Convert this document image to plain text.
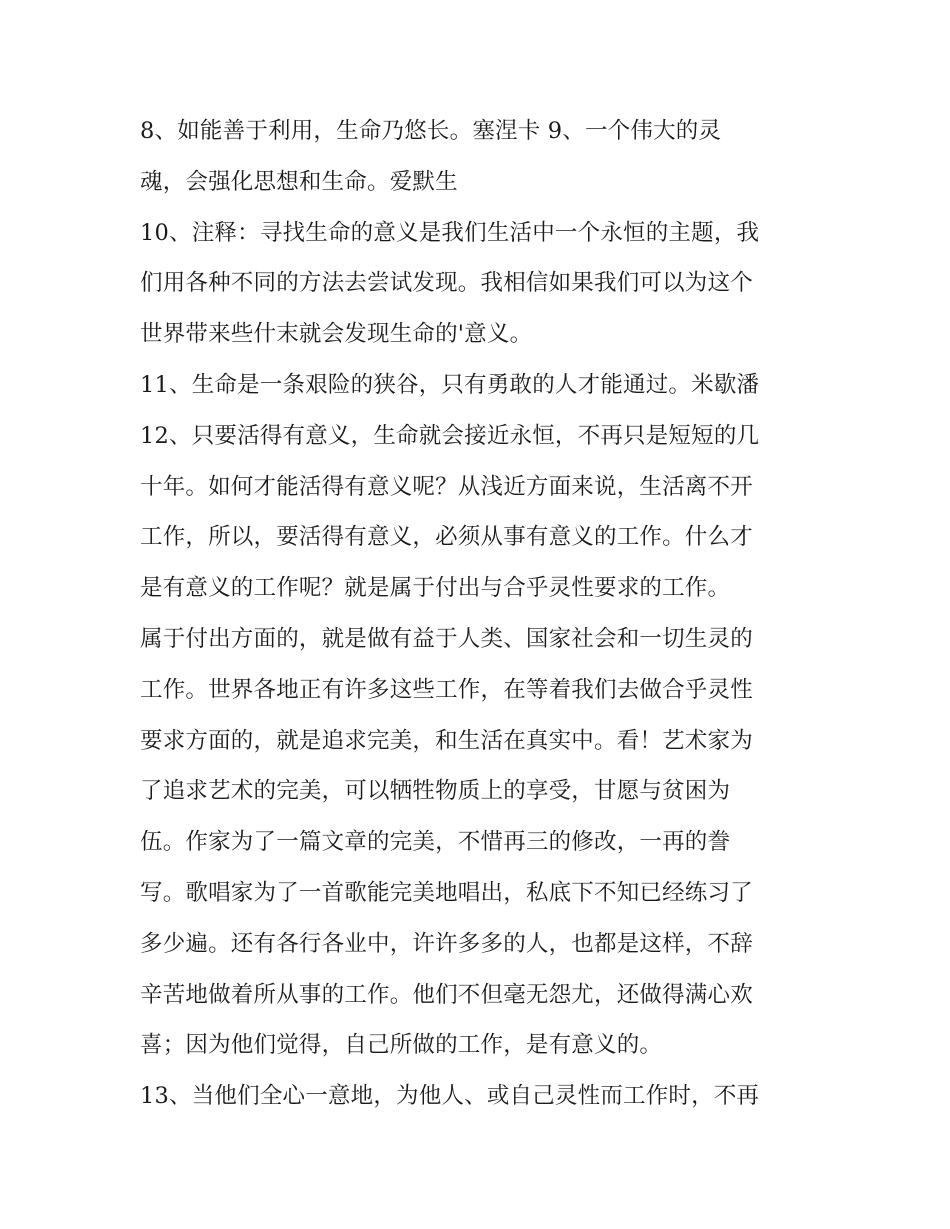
8、如能善于利用，生命乃悠长。塞涅卡 9、一个伟大的灵
魂，会强化思想和生命。爱默生
10、注释：寻找生命的意义是我们生活中一个永恒的主题，我
们用各种不同的方法去尝试发现。我相信如果我们可以为这个
世界带来些什末就会发现生命的'意义。
11、生命是一条艰险的狭谷，只有勇敢的人才能通过。米歇潘
12、只要活得有意义，生命就会接近永恒，不再只是短短的几
十年。如何才能活得有意义呢？从浅近方面来说，生活离不开
工作，所以，要活得有意义，必须从事有意义的工作。什么才
是有意义的工作呢？就是属于付出与合乎灵性要求的工作。
属于付出方面的，就是做有益于人类、国家社会和一切生灵的
工作。世界各地正有许多这些工作，在等着我们去做合乎灵性
要求方面的，就是追求完美，和生活在真实中。看！艺术家为
了追求艺术的完美，可以牺牲物质上的享受，甘愿与贫困为
伍。作家为了一篇文章的完美，不惜再三的修改，一再的誊
写。歌唱家为了一首歌能完美地唱出，私底下不知已经练习了
多少遍。还有各行各业中，许许多多的人，也都是这样，不辞
辛苦地做着所从事的工作。他们不但毫无怨尤，还做得满心欢
喜；因为他们觉得，自己所做的工作，是有意义的。
13、当他们全心一意地，为他人、或自己灵性而工作时，不再
